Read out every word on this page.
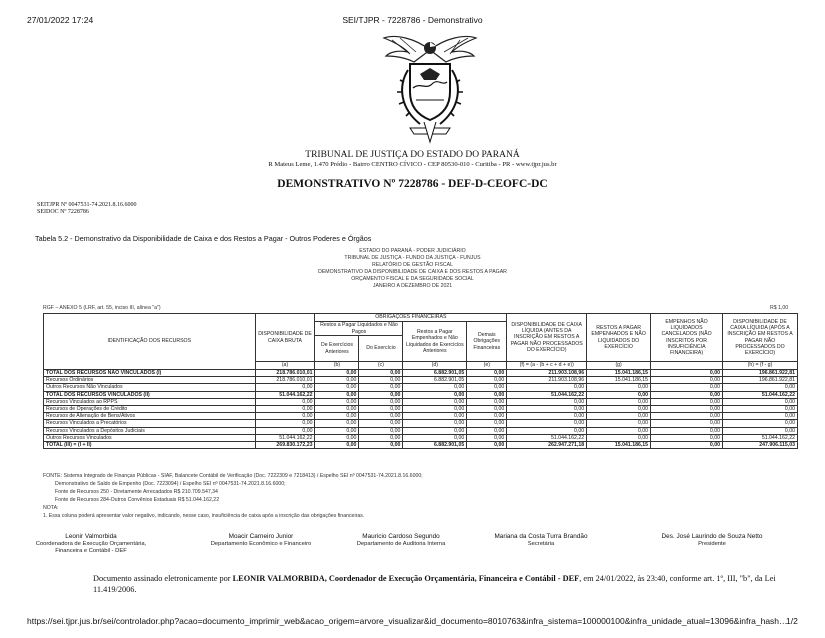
27/01/2022 17:24	SEI/TJPR - 7228786 - Demonstrativo
TRIBUNAL DE JUSTIÇA DO ESTADO DO PARANÁ
R Mateus Leme, 1.470 Prédio - Bairro CENTRO CÍVICO - CEP 80530-010 - Curitiba - PR - www.tjpr.jus.br
DEMONSTRATIVO Nº 7228786 - DEF-D-CEOFC-DC
SEITJPR Nº 0047531-74.2021.8.16.6000
SEIDOC Nº 7228786
Tabela 5.2 - Demonstrativo da Disponibilidade de Caixa e dos Restos a Pagar - Outros Poderes e Órgãos
ESTADO DO PARANÁ - PODER JUDICIÁRIO
TRIBUNAL DE JUSTIÇA - FUNDO DA JUSTIÇA - FUNJUS
RELATÓRIO DE GESTÃO FISCAL
DEMONSTRATIVO DA DISPONIBILIDADE DE CAIXA E DOS RESTOS A PAGAR
ORÇAMENTO FISCAL E DA SEGURIDADE SOCIAL
JANEIRO A DEZEMBRO DE 2021
RGF – ANEXO 5 (LRF, art. 55, inciso III, alínea "a")	R$ 1,00
IDENTIFICAÇÃO DOS RECURSOS	DISPONIBILIDADE DE CAIXA BRUTA	OBRIGAÇÕES FINANCEIRAS				DISPONIBILIDADE DE CAIXA LÍQUIDA (ANTES DA INSCRIÇÃO EM RESTOS A PAGAR NÃO PROCESSADOS DO EXERCÍCIO)	RESTOS A PAGAR EMPENHADOS E NÃO LIQUIDADOS DO EXERCÍCIO	EMPENHOS NÃO LIQUIDADOS CANCELADOS (NÃO INSCRITOS POR INSUFICIÊNCIA FINANCEIRA)	DISPONIBILIDADE DE CAIXA LÍQUIDA (APÓS A INSCRIÇÃO EM RESTOS A PAGAR NÃO PROCESSADOS DO EXERCÍCIO)
		Restos a Pagar Liquidados e Não Pagos		Restos a Pagar Empenhados e Não Liquidados de Exercícios Anteriores	Demais Obrigações Financeiras				
		De Exercícios Anteriores	Do Exercício						
	(a)	(b)	(c)	(d)	(e)	(f) = (a - (b + c + d + e))	(g)		(h) = (f - g)
TOTAL DOS RECURSOS NÃO VINCULADOS (I)	218.786.010,01	0,00	0,00	6.882.901,05	0,00	211.903.108,96	15.041.186,15	0,00	196.861.922,81
Recursos Ordinários	218.786.010,01	0,00	0,00	6.882.901,05	0,00	211.903.108,96	15.041.186,15	0,00	196.861.922,81
Outros Recursos Não Vinculados	0,00	0,00	0,00	0,00	0,00	0,00	0,00	0,00	0,00
TOTAL DOS RECURSOS VINCULADOS (II)	51.044.162,22	0,00	0,00	0,00	0,00	51.044.162,22	0,00	0,00	51.044.162,22
Recursos Vinculados ao RPPS	0,00	0,00	0,00	0,00	0,00	0,00	0,00	0,00	0,00
Recursos de Operações de Crédito	0,00	0,00	0,00	0,00	0,00	0,00	0,00	0,00	0,00
Recursos de Alienação de Bens/Ativos	0,00	0,00	0,00	0,00	0,00	0,00	0,00	0,00	0,00
Recursos Vinculados a Precatórios	0,00	0,00	0,00	0,00	0,00	0,00	0,00	0,00	0,00
Recursos Vinculados a Depósitos Judiciais	0,00	0,00	0,00	0,00	0,00	0,00	0,00	0,00	0,00
Outros Recursos Vinculados	51.044.162,22	0,00	0,00	0,00	0,00	51.044.162,22	0,00	0,00	51.044.162,22
TOTAL (III) = (I + II)	269.830.172,23	0,00	0,00	6.882.901,05	0,00	262.947.271,18	15.041.186,15	0,00	247.906.115,03
FONTE: Sistema Integrado de Finanças Públicas - SIAF, Balancete Contábil de Verificação (Doc. 7222309 e 7218413) / Espelho SEI nº 0047531-74.2021.8.16.6000;
Demonstrativo de Saldo de Empenho (Doc. 7223094) / Espelho SEI nº 0047531-74.2021.8.16.6000;
Fonte de Recursos 250 - Diretamente Arrecadados R$ 210.709.547,34
Fonte de Recursos 284-Outros Convênios Estaduais R$ 51.044.162,22
NOTA:
1. Essa coluna poderá apresentar valor negativo, indicando, nesse caso, insuficiência de caixa após a inscrição das obrigações financeiras.
Leonir Valmorbida
Coordenadora de Execução Orçamentária, Financeira e Contábil - DEF
Moacir Carneiro Junior
Departamento Econômico e Financeiro
Mauricio Cardoso Segundo
Departamento de Auditoria Interna
Mariana da Costa Turra Brandão
Secretária
Des. José Laurindo de Souza Netto
Presidente
Documento assinado eletronicamente por LEONIR VALMORBIDA, Coordenador de Execução Orçamentária, Financeira e Contábil - DEF, em 24/01/2022, às 23:40, conforme art. 1º, III, "b", da Lei 11.419/2006.
https://sei.tjpr.jus.br/sei/controlador.php?acao=documento_imprimir_web&acao_origem=arvore_visualizar&id_documento=8010763&infra_sistema=100000100&infra_unidade_atual=13096&infra_hash…
1/2
